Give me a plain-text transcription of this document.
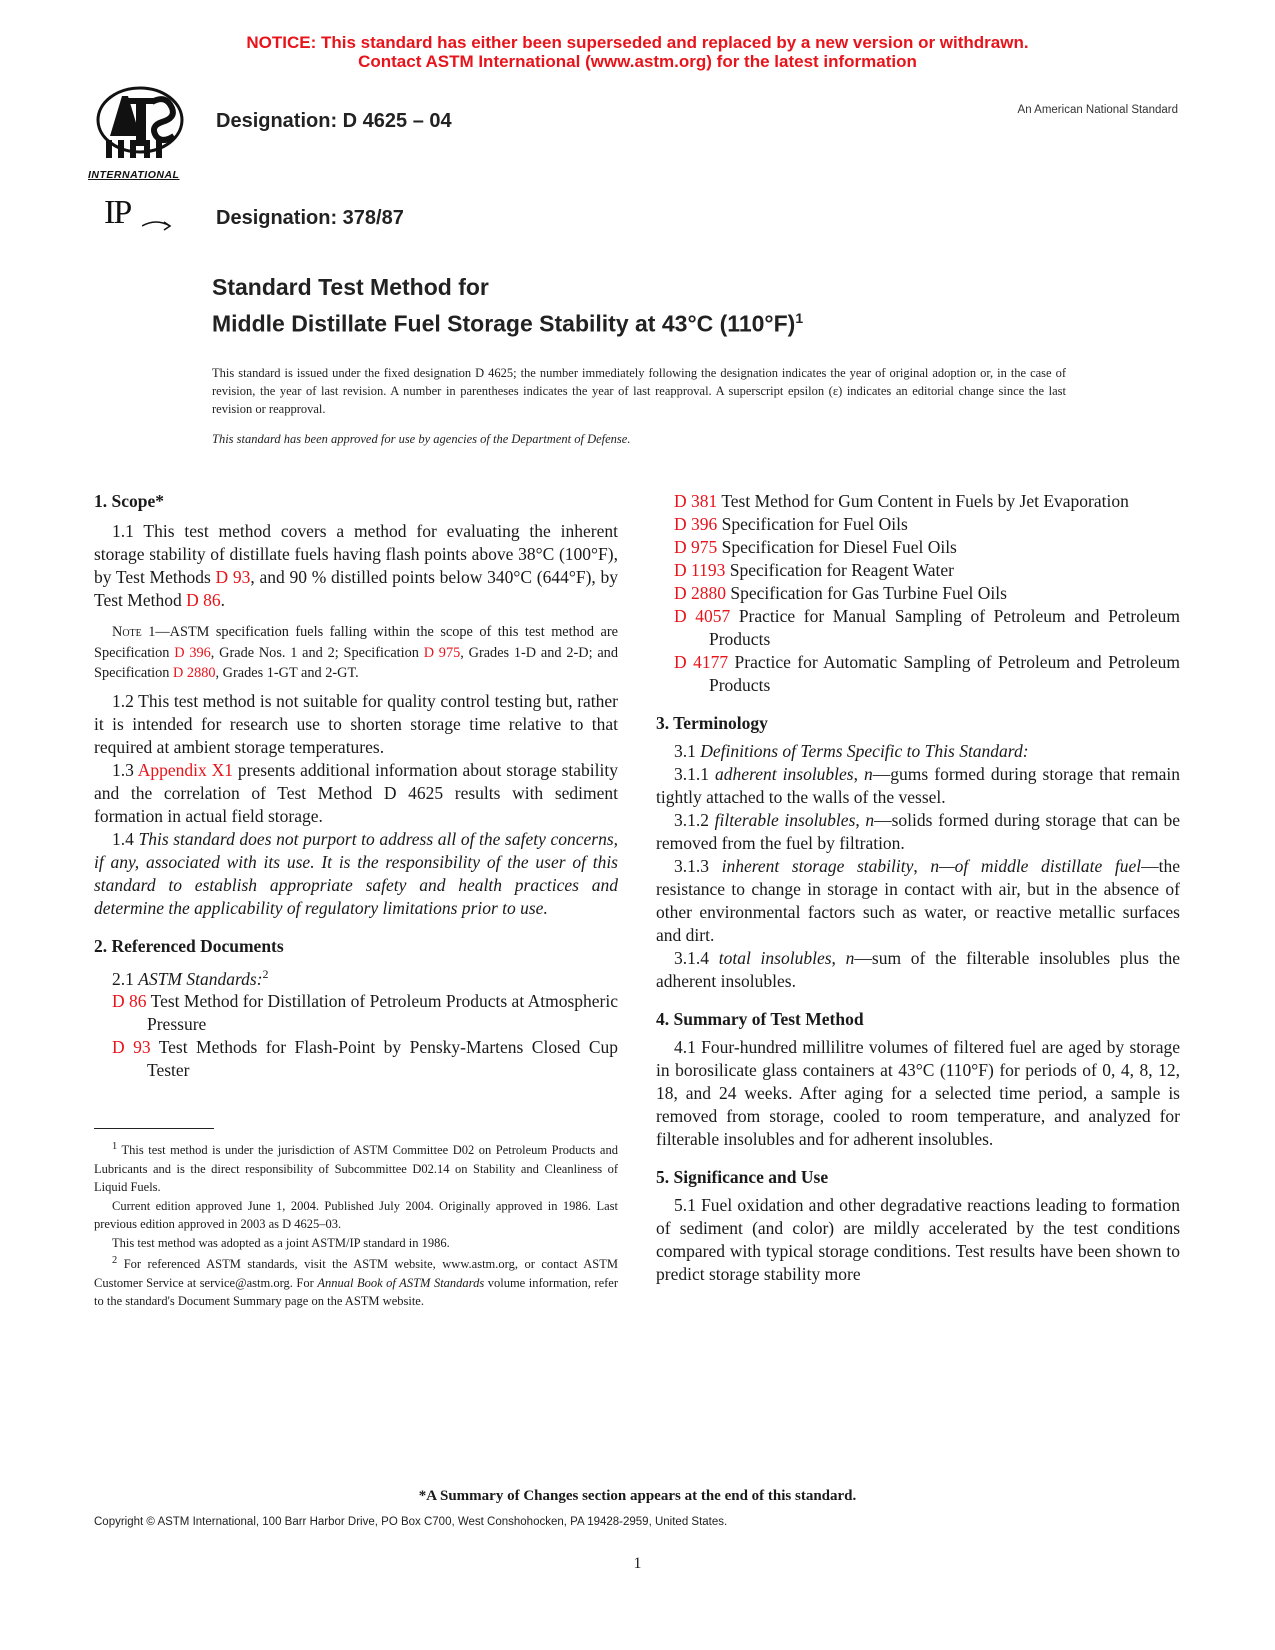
NOTICE: This standard has either been superseded and replaced by a new version or withdrawn.
Contact ASTM International (www.astm.org) for the latest information
INTERNATIONAL
Designation: D 4625 – 04	An American National Standard
IP	Designation: 378/87
Standard Test Method for
Middle Distillate Fuel Storage Stability at 43°C $(110^\circ F)^1$
This standard is issued under the fixed designation D 4625; the number immediately following the designation indicates the year of original adoption or, in the case of revision, the year of last revision. A number in parentheses indicates the year of last reapproval. A superscript epsilon (ε) indicates an editorial change since the last revision or reapproval.
This standard has been approved for use by agencies of the Department of Defense.

1. Scope*

1.1 This test method covers a method for evaluating the inherent storage stability of distillate fuels having flash points above 38°C (100°F), by Test Methods D 93, and 90 % distilled points below 340°C (644°F), by Test Method D 86.

Note 1—ASTM specification fuels falling within the scope of this test method are Specification D 396, Grade Nos. 1 and 2; Specification D 975, Grades 1-D and 2-D; and Specification D 2880, Grades 1-GT and 2-GT.

1.2 This test method is not suitable for quality control testing but, rather it is intended for research use to shorten storage time relative to that required at ambient storage temperatures.

1.3 Appendix X1 presents additional information about storage stability and the correlation of Test Method D 4625 results with sediment formation in actual field storage.

1.4 This standard does not purport to address all of the safety concerns, if any, associated with its use. It is the responsibility of the user of this standard to establish appropriate safety and health practices and determine the applicability of regulatory limitations prior to use.

2. Referenced Documents

2.1 ASTM Standards:$^2$

D 86 Test Method for Distillation of Petroleum Products at Atmospheric Pressure

D 93 Test Methods for Flash-Point by Pensky-Martens Closed Cup Tester

$^1$ This test method is under the jurisdiction of ASTM Committee D02 on Petroleum Products and Lubricants and is the direct responsibility of Subcommittee D02.14 on Stability and Cleanliness of Liquid Fuels.

Current edition approved June 1, 2004. Published July 2004. Originally approved in 1986. Last previous edition approved in 2003 as D 4625–03.

This test method was adopted as a joint ASTM/IP standard in 1986.

$^2$ For referenced ASTM standards, visit the ASTM website, www.astm.org, or contact ASTM Customer Service at service@astm.org. For Annual Book of ASTM Standards volume information, refer to the standard's Document Summary page on the ASTM website.

D 381 Test Method for Gum Content in Fuels by Jet Evaporation

D 396 Specification for Fuel Oils

D 975 Specification for Diesel Fuel Oils

D 1193 Specification for Reagent Water

D 2880 Specification for Gas Turbine Fuel Oils

D 4057 Practice for Manual Sampling of Petroleum and Petroleum Products

D 4177 Practice for Automatic Sampling of Petroleum and Petroleum Products

3. Terminology

3.1 Definitions of Terms Specific to This Standard:

3.1.1 adherent insolubles, n—gums formed during storage that remain tightly attached to the walls of the vessel.

3.1.2 filterable insolubles, n—solids formed during storage that can be removed from the fuel by filtration.

3.1.3 inherent storage stability, n—of middle distillate fuel—the resistance to change in storage in contact with air, but in the absence of other environmental factors such as water, or reactive metallic surfaces and dirt.

3.1.4 total insolubles, n—sum of the filterable insolubles plus the adherent insolubles.

4. Summary of Test Method

4.1 Four-hundred millilitre volumes of filtered fuel are aged by storage in borosilicate glass containers at 43°C (110°F) for periods of 0, 4, 8, 12, 18, and 24 weeks. After aging for a selected time period, a sample is removed from storage, cooled to room temperature, and analyzed for filterable insolubles and for adherent insolubles.

5. Significance and Use

5.1 Fuel oxidation and other degradative reactions leading to formation of sediment (and color) are mildly accelerated by the test conditions compared with typical storage conditions. Test results have been shown to predict storage stability more

*A Summary of Changes section appears at the end of this standard.
Copyright © ASTM International, 100 Barr Harbor Drive, PO Box C700, West Conshohocken, PA 19428-2959, United States.
1
